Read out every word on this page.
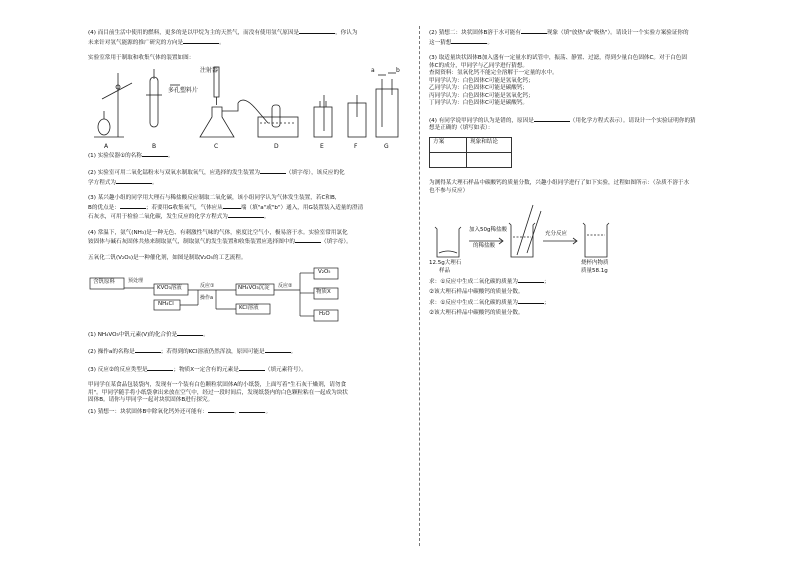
(4) 而目前生活中使用的燃料，更多的是以甲烷为主的天然气，而没有使用氢气原因是	，你认为
未来针对氢气能源的推广研究的方向是	。

实验室常用于制取和收集气体的装置如图：

注射器
多孔塑料片
a	b
A	B	C	D	E	F	G

(1) 实验仪器①的名称	。

(2) 实验室可用二氧化锰粉末与双氧水制取氧气，应选择的发生装置为	（填字母），该反应的化
学方程式为	。

(3) 某兴趣小组的同学用大理石与稀盐酸反应制取二氧化碳，该小组同学认为气体发生装置，若C和B,
B的优点是：	；若要用G收集氧气，气体应从	端（填"a"或"b"）通入，用G装置装入适量的澄清
石灰水，可用于检验二氧化碳，发生反应的化学方程式为	。

(4) 常温下，氨气(NH₃)是一种无色、有刺激性气味的气体，密度比空气小，极易溶于水。实验室常用氯化
铵固体与碱石灰固体共热来制取氨气，制取氨气的发生装置和收集装置应选择图中的	（填字母）。

五氧化二钒(V₂O₅)是一种催化剂，如图是制取V₂O₅的工艺流程。

含钒原料	预处理
KVO₃溶液
NH₄Cl
反应①
操作a
NH₄VO₃沉淀
KCl溶液
反应②
V₂O₅
物质X
H₂O

(1) NH₄VO₃中钒元素(V)的化合价是	。

(2) 操作a的名称是	；若得到的KCl溶液仍然浑浊，原因可能是	。

(3) 反应②的反应类型是	；物质X一定含有的元素是	（填元素符号）。

甲同学在某食品包装袋内，发现有一个装有白色颗粒状固体A的小纸袋，上面写着"生石灰干燥剂，请勿食
用"。甲同学随手将小纸袋拿出来放在空气中，经过一段时间后，发现纸袋内的白色颗粒粘在一起成为块状
固体B。请你与甲同学一起对块状固体B进行探究。

(1) 猜想一：块状固体B中除氧化钙外还可能有：	、	。

(2) 猜想二：块状固体B溶于水可能有	现象（填"放热"或"吸热"）。请设计一个实验方案验证你的
这一猜想	。

(3) 取适量块状固体B加入盛有一定量水的试管中，振荡、静置、过滤，得到少量白色固体C。对于白色固
体C的成分，甲同学与乙同学进行猜想。
查阅资料：氢氧化钙不能完全溶解于一定量的水中。
甲同学认为：白色固体C可能是氢氧化钙；
乙同学认为：白色固体C可能是碳酸钙；
丙同学认为：白色固体C可能是氢氧化钙；
丁同学认为：白色固体C可能是碳酸钙。

(4) 有同学说甲同学的认为是错的，原因是	（用化学方程式表示）。请设计一个实验证明你的猜
想是正确的（填写如表）：

方案	现象和结论

为测得某大理石样品中碳酸钙的质量分数，兴趣小组同学进行了如下实验，过程如图所示：（杂质不溶于水
也不参与反应）

加入50g稀盐酸
的稀盐酸
充分反应
12.5g大理石
样品
烧杯内物质
质量58.1g

求：①反应中生成二氧化碳的质量为	；

②该大理石样品中碳酸钙的质量分数。

求：①反应中生成二氧化碳的质量为	；

②该大理石样品中碳酸钙的质量分数。
